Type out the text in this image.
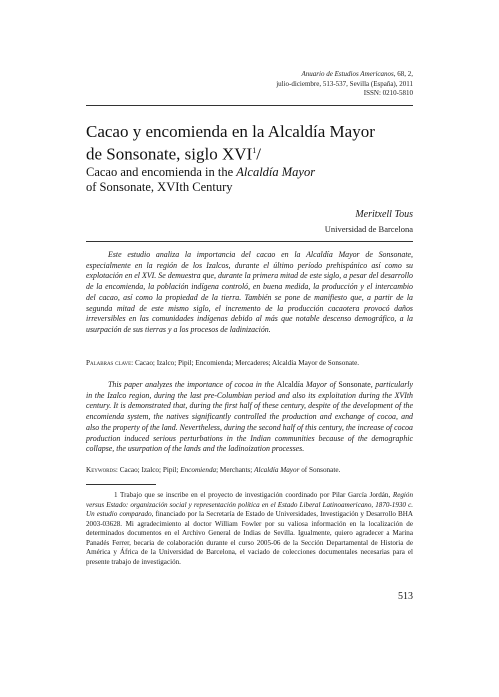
Anuario de Estudios Americanos, 68, 2,
julio-diciembre, 513-537, Sevilla (España), 2011
ISSN: 0210-5810
Cacao y encomienda en la Alcaldía Mayor
de Sonsonate, siglo XVI$^1$/
Cacao and encomienda in the Alcaldía Mayor
of Sonsonate, XVIth Century
Meritxell Tous
Universidad de Barcelona

Este estudio analiza la importancia del cacao en la Alcaldía Mayor de Sonsonate, especialmente en la región de los Izalcos, durante el último período prehispánico así como su explotación en el XVI. Se demuestra que, durante la primera mitad de este siglo, a pesar del desarrollo de la encomienda, la población indígena controló, en buena medida, la producción y el intercambio del cacao, así como la propiedad de la tierra. También se pone de manifiesto que, a partir de la segunda mitad de este mismo siglo, el incremento de la producción cacaotera provocó daños irreversibles en las comunidades indígenas debido al más que notable descenso demográfico, a la usurpación de sus tierras y a los procesos de ladinización.

Palabras clave: Cacao; Izalco; Pipil; Encomienda; Mercaderes; Alcaldía Mayor de Sonsonate.

This paper analyzes the importance of cocoa in the Alcaldía Mayor of Sonsonate, particularly in the Izalco region, during the last pre-Columbian period and also its exploitation during the XVIth century. It is demonstrated that, during the first half of these century, despite of the development of the encomienda system, the natives significantly controlled the production and exchange of cocoa, and also the property of the land. Nevertheless, during the second half of this century, the increase of cocoa production induced serious perturbations in the Indian communities because of the demographic collapse, the usurpation of the lands and the ladinoization processes.

Keywords: Cacao; Izalco; Pipil; Encomienda; Merchants; Alcaldía Mayor of Sonsonate.

1 Trabajo que se inscribe en el proyecto de investigación coordinado por Pilar García Jordán, Región versus Estado: organización social y representación política en el Estado Liberal Latinoamericano, 1870-1930 c. Un estudio comparado, financiado por la Secretaría de Estado de Universidades, Investigación y Desarrollo BHA 2003-03628. Mi agradecimiento al doctor William Fowler por su valiosa información en la localización de determinados documentos en el Archivo General de Indias de Sevilla. Igualmente, quiero agradecer a Marina Panadés Ferrer, becaria de colaboración durante el curso 2005-06 de la Sección Departamental de Historia de América y África de la Universidad de Barcelona, el vaciado de colecciones documentales necesarias para el presente trabajo de investigación.

513
